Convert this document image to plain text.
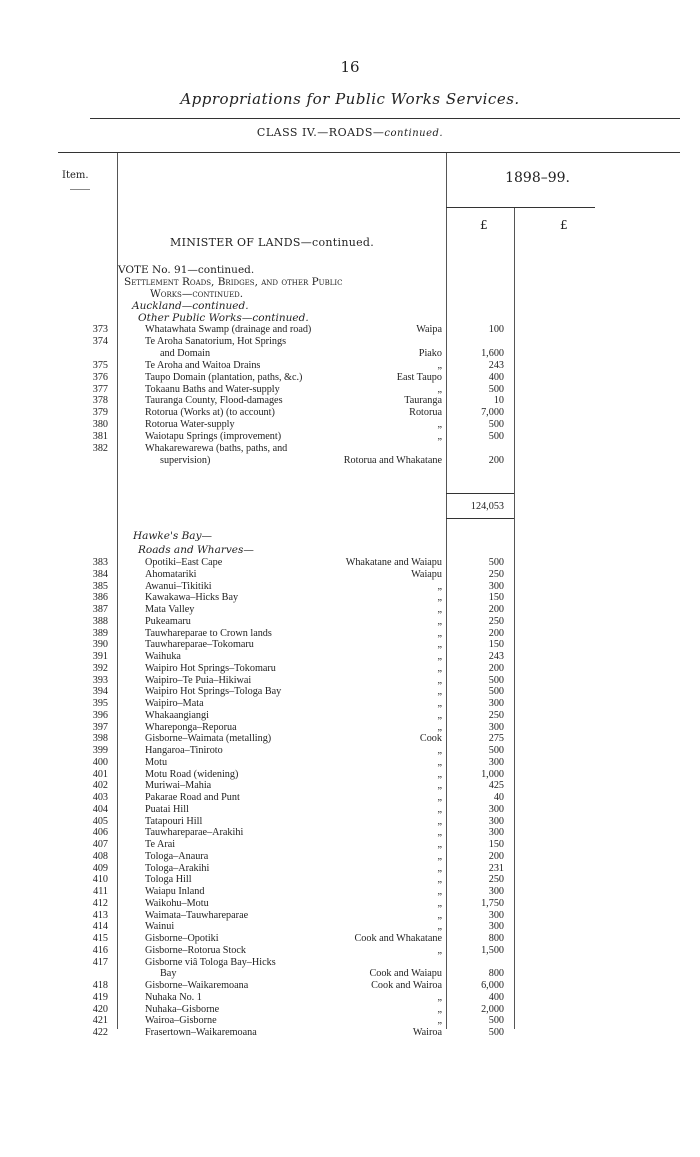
16
Appropriations for Public Works Services.
CLASS IV.—ROADS—continued.
Item.	1898–99.
£	£
MINISTER OF LANDS—continued.
VOTE No. 91—continued.
Settlement Roads, Bridges, and other Public
Works—continued.
Auckland—continued.
Other Public Works—continued.
373	Whatawhata Swamp (drainage and road)	Waipa	100
374	Te Aroha Sanatorium, Hot Springs
and Domain	Piako	1,600
375	Te Aroha and Waitoa Drains	„	243
376	Taupo Domain (plantation, paths, &c.)	East Taupo	400
377	Tokaanu Baths and Water-supply	„	500
378	Tauranga County, Flood-damages	Tauranga	10
379	Rotorua (Works at) (to account)	Rotorua	7,000
380	Rotorua Water-supply	„	500
381	Waiotapu Springs (improvement)	„	500
382	Whakarewarewa (baths, paths, and
supervision)	Rotorua and Whakatane	200
124,053
Hawke's Bay—
Roads and Wharves—
383	Opotiki–East Cape	Whakatane and Waiapu	500
384	Ahomatariki	Waiapu	250
385	Awanui–Tikitiki	„	300
386	Kawakawa–Hicks Bay	„	150
387	Mata Valley	„	200
388	Pukeamaru	„	250
389	Tauwhareparae to Crown lands	„	200
390	Tauwhareparae–Tokomaru	„	150
391	Waihuka	„	243
392	Waipiro Hot Springs–Tokomaru	„	200
393	Waipiro–Te Puia–Hikiwai	„	500
394	Waipiro Hot Springs–Tologa Bay	„	500
395	Waipiro–Mata	„	300
396	Whakaangiangi	„	250
397	Wharepongа–Reporua	„	300
398	Gisborne–Waimata (metalling)	Cook	275
399	Hangaroa–Tiniroto	„	500
400	Motu	„	300
401	Motu Road (widening)	„	1,000
402	Muriwai–Mahia	„	425
403	Pakarae Road and Punt	„	40
404	Puatai Hill	„	300
405	Tatapouri Hill	„	300
406	Tauwhareparae–Arakihi	„	300
407	Te Arai	„	150
408	Tologa–Anaura	„	200
409	Tologa–Arakihi	„	231
410	Tologa Hill	„	250
411	Waiapu Inland	„	300
412	Waikohu–Motu	„	1,750
413	Waimata–Tauwhareparae	„	300
414	Wainui	„	300
415	Gisborne–Opotiki	Cook and Whakatane	800
416	Gisborne–Rotorua Stock	„	1,500
417	Gisborne viâ Tologa Bay–Hicks
Bay	Cook and Waiapu	800
418	Gisborne–Waikaremoana	Cook and Wairoa	6,000
419	Nuhaka No. 1	„	400
420	Nuhaka–Gisborne	„	2,000
421	Wairoa–Gisborne	„	500
422	Frasertown–Waikaremoana	Wairoa	500
